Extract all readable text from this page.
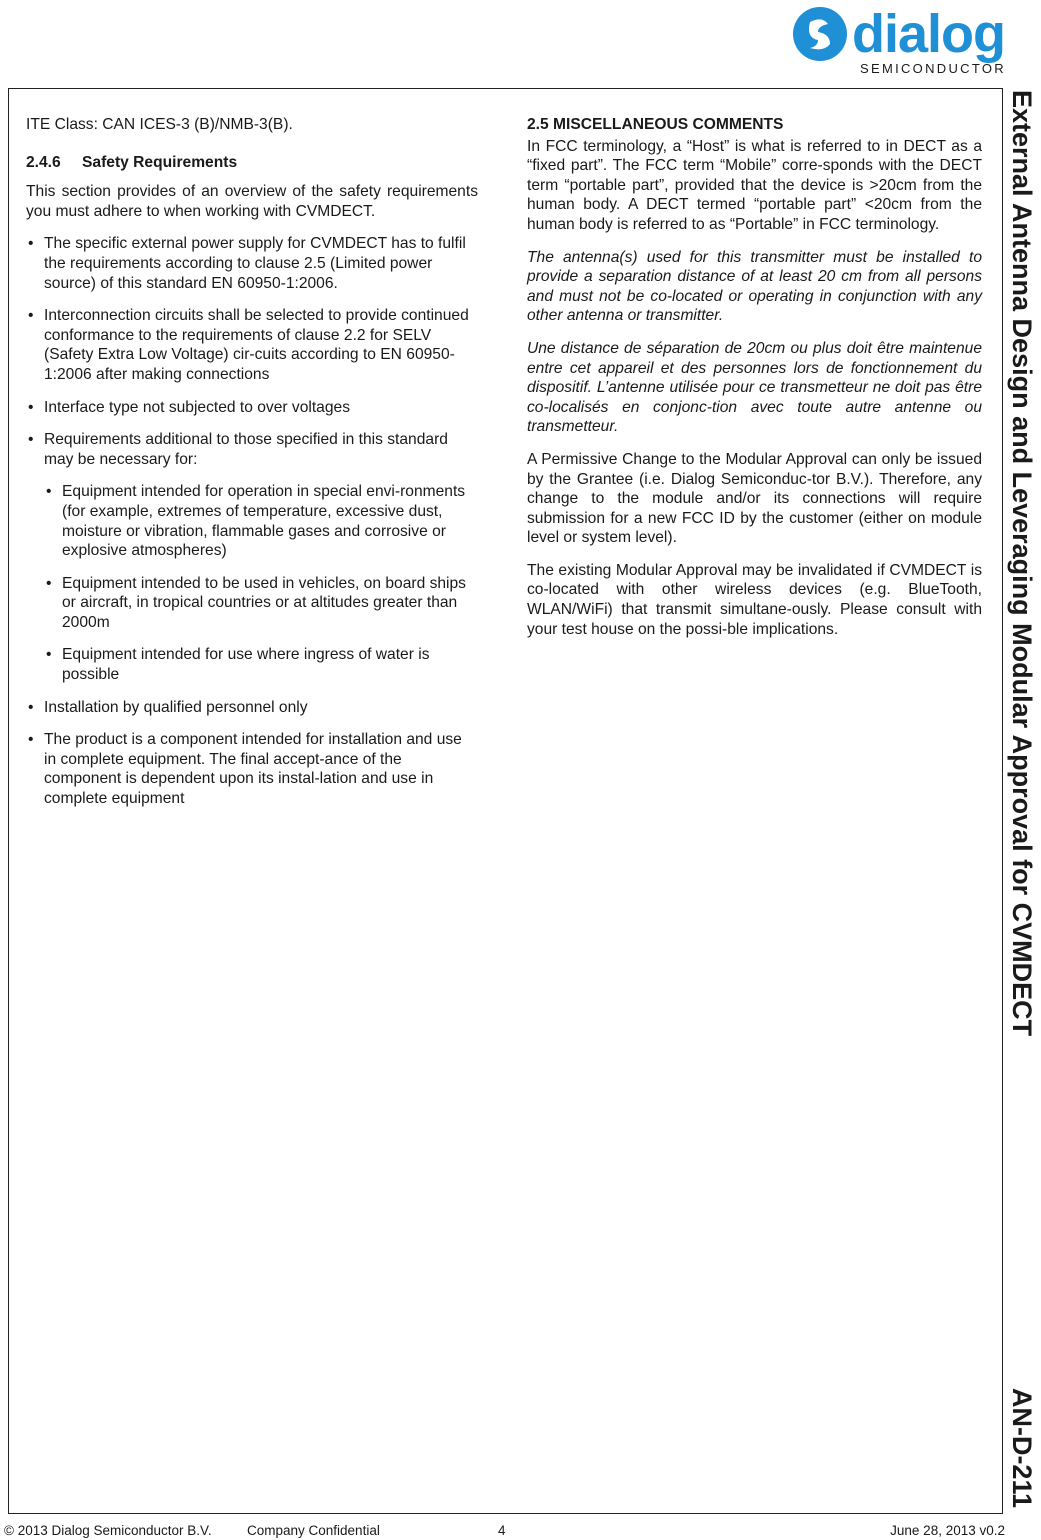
dialog
SEMICONDUCTOR
External Antenna Design and Leveraging Modular Approval for CVMDECT
AN-D-211

ITE Class: CAN ICES-3 (B)/NMB-3(B).

2.4.6 Safety Requirements

This section provides of an overview of the safety requirements you must adhere to when working with CVMDECT.

• The specific external power supply for CVMDECT has to fulfil the requirements according to clause 2.5 (Limited power source) of this standard EN 60950-1:2006.
• Interconnection circuits shall be selected to provide continued conformance to the requirements of clause 2.2 for SELV (Safety Extra Low Voltage) cir-cuits according to EN 60950-1:2006 after making connections
• Interface type not subjected to over voltages
• Requirements additional to those specified in this standard may be necessary for:
• Equipment intended for operation in special envi-ronments (for example, extremes of temperature, excessive dust, moisture or vibration, flammable gases and corrosive or explosive atmospheres)
• Equipment intended to be used in vehicles, on board ships or aircraft, in tropical countries or at altitudes greater than 2000m
• Equipment intended for use where ingress of water is possible
• Installation by qualified personnel only
• The product is a component intended for installation and use in complete equipment. The final accept-ance of the component is dependent upon its instal-lation and use in complete equipment
2.5 MISCELLANEOUS COMMENTS

In FCC terminology, a “Host” is what is referred to in DECT as a “fixed part”. The FCC term “Mobile” corre-sponds with the DECT term “portable part”, provided that the device is >20cm from the human body. A DECT termed “portable part” <20cm from the human body is referred to as “Portable” in FCC terminology.

The antenna(s) used for this transmitter must be installed to provide a separation distance of at least 20 cm from all persons and must not be co-located or operating in conjunction with any other antenna or transmitter.

Une distance de séparation de 20cm ou plus doit être maintenue entre cet appareil et des personnes lors de fonctionnement du dispositif. L’antenne utilisée pour ce transmetteur ne doit pas être co-localisés en conjonc-tion avec toute autre antenne ou transmetteur.

A Permissive Change to the Modular Approval can only be issued by the Grantee (i.e. Dialog Semiconduc-tor B.V.). Therefore, any change to the module and/or its connections will require submission for a new FCC ID by the customer (either on module level or system level).

The existing Modular Approval may be invalidated if CVMDECT is co-located with other wireless devices (e.g. BlueTooth, WLAN/WiFi) that transmit simultane-ously. Please consult with your test house on the possi-ble implications.

© 2013 Dialog Semiconductor B.V.	Company Confidential	4	June 28, 2013 v0.2
